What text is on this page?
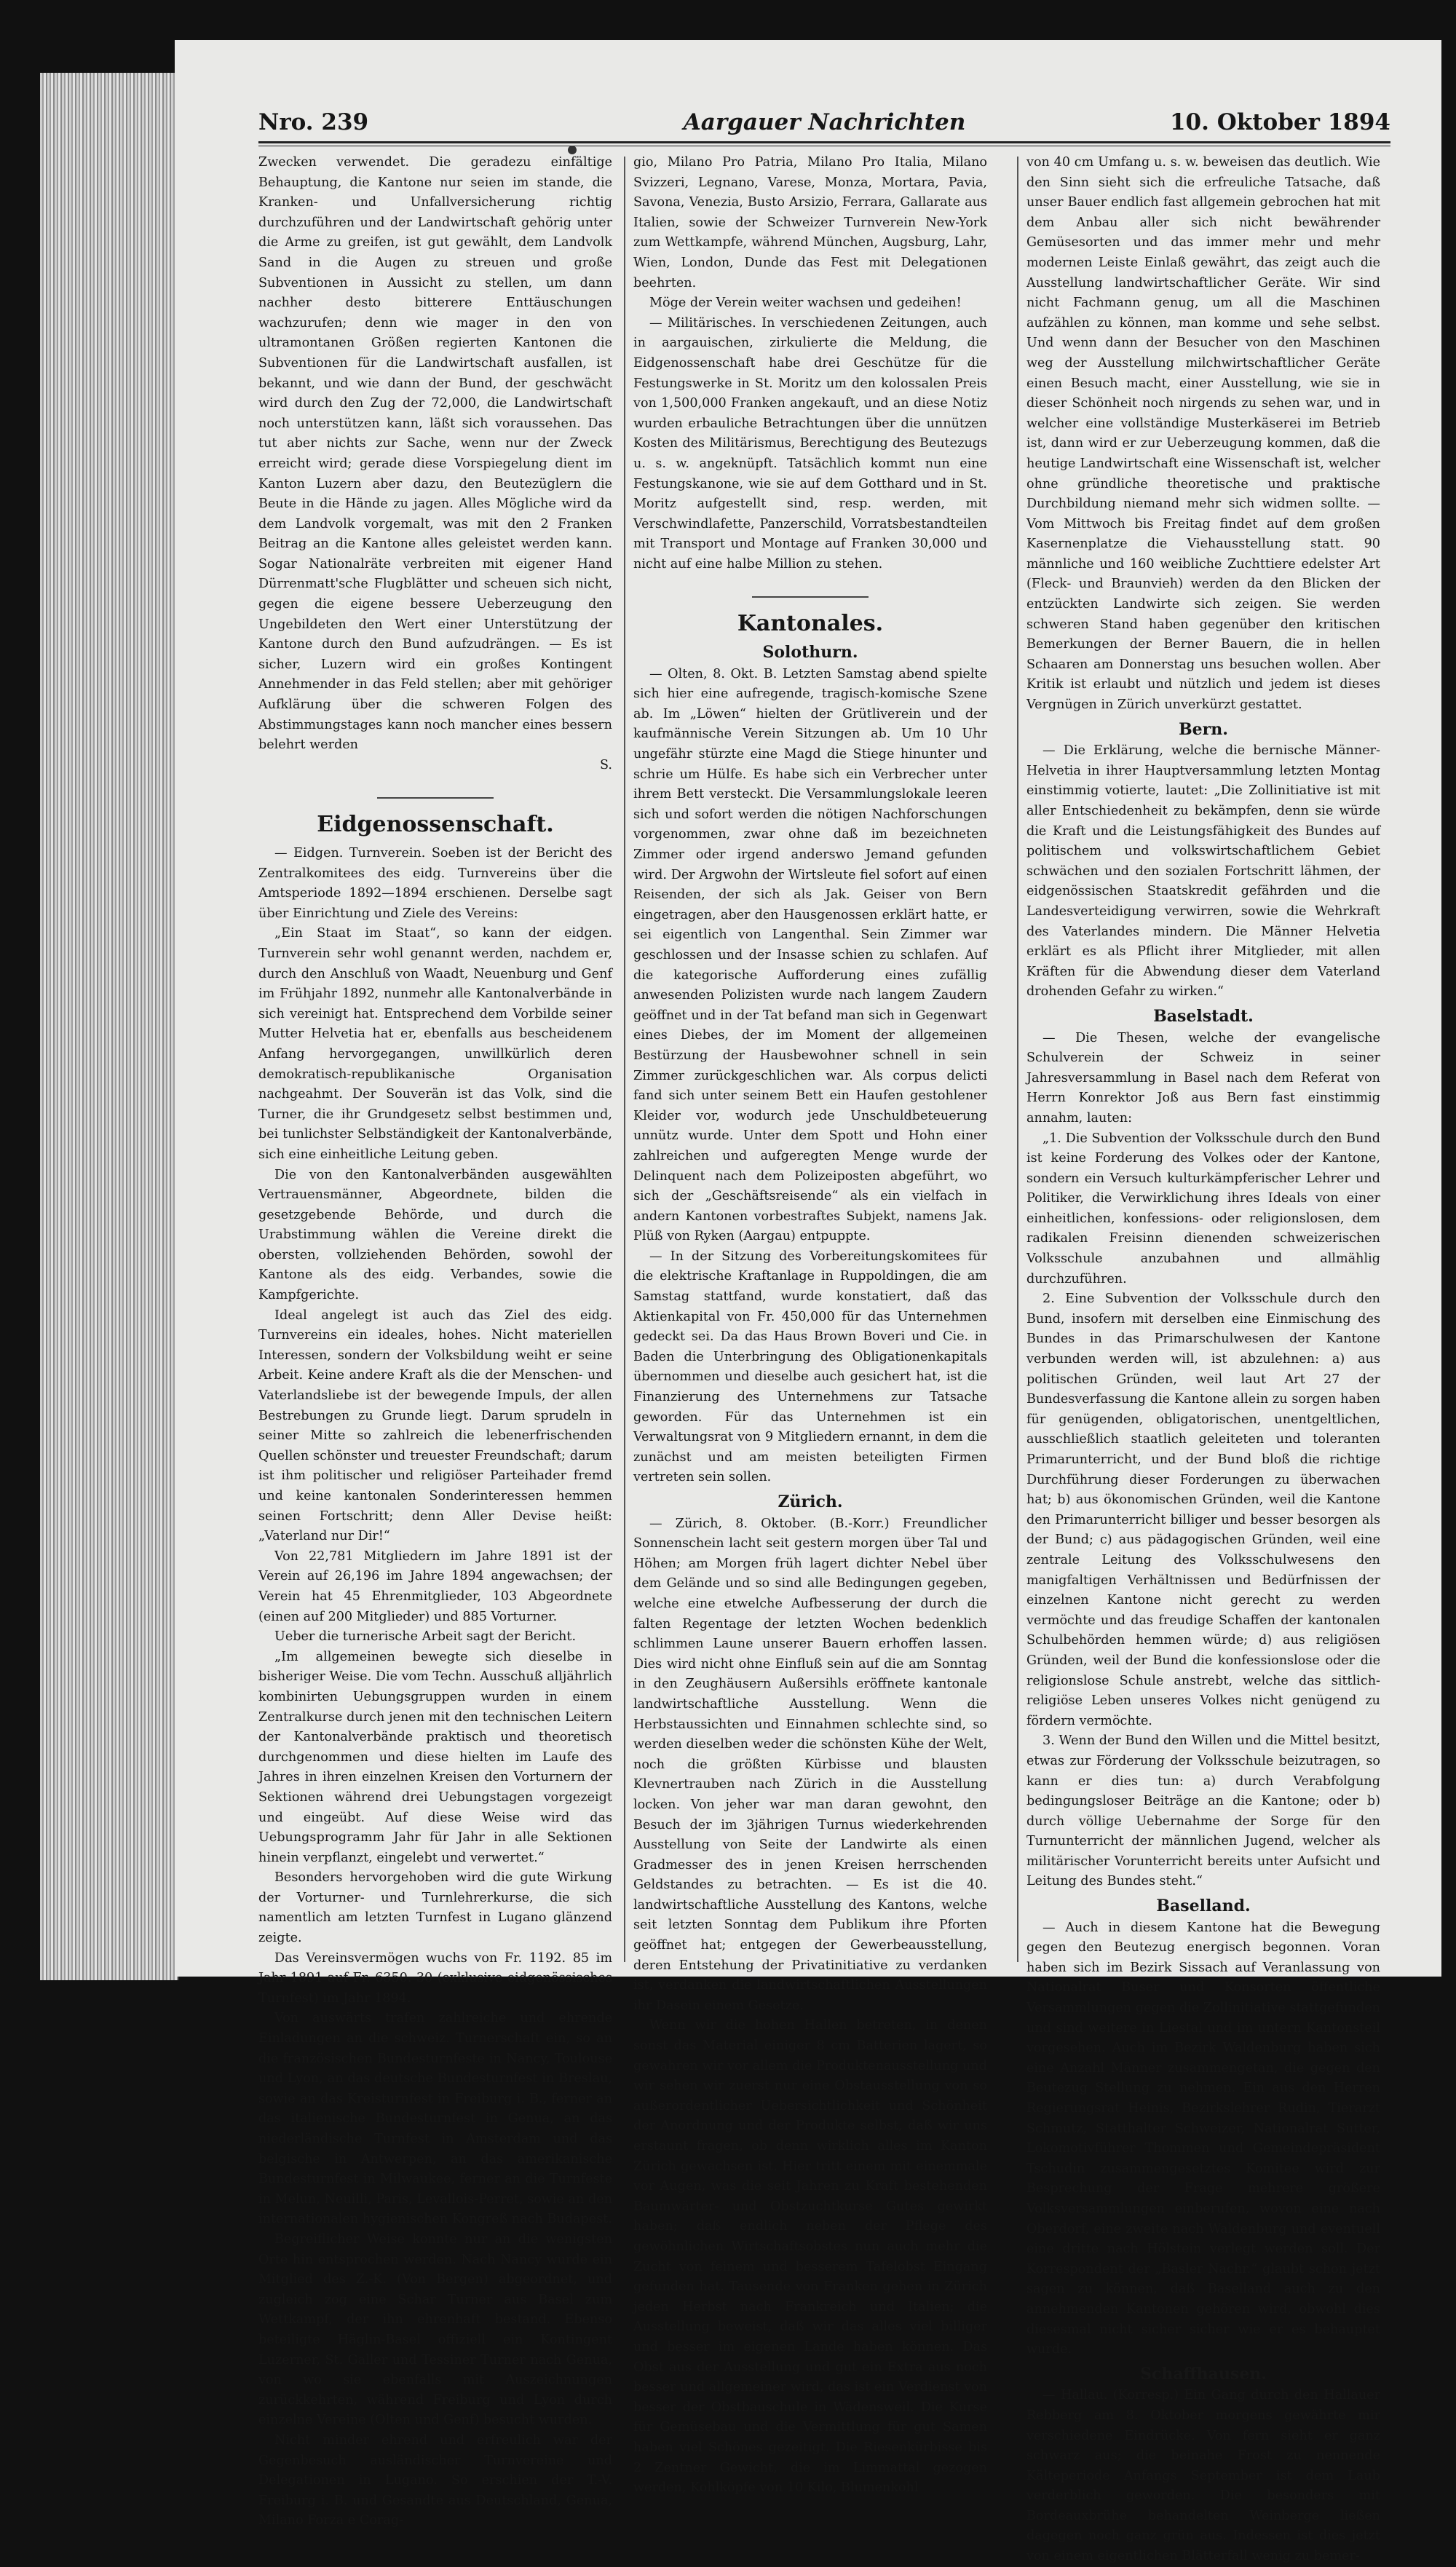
Aargauer Nachrichten
Nro. 239	10. Oktober 1894

Zwecken verwendet. Die geradezu einfältige Behauptung, die Kantone nur seien im stande, die Kranken- und Unfallversicherung richtig durchzuführen und der Landwirtschaft gehörig unter die Arme zu greifen, ist gut gewählt, dem Landvolk Sand in die Augen zu streuen und große Subventionen in Aussicht zu stellen, um dann nachher desto bitterere Enttäuschungen wachzurufen; denn wie mager in den von ultramontanen Größen regierten Kantonen die Subventionen für die Landwirtschaft ausfallen, ist bekannt, und wie dann der Bund, der geschwächt wird durch den Zug der 72,000, die Landwirtschaft noch unterstützen kann, läßt sich voraussehen. Das tut aber nichts zur Sache, wenn nur der Zweck erreicht wird; gerade diese Vorspiegelung dient im Kanton Luzern aber dazu, den Beutezüglern die Beute in die Hände zu jagen. Alles Mögliche wird da dem Landvolk vorgemalt, was mit den 2 Franken Beitrag an die Kantone alles geleistet werden kann. Sogar Nationalräte verbreiten mit eigener Hand Dürrenmatt'sche Flugblätter und scheuen sich nicht, gegen die eigene bessere Ueberzeugung den Ungebildeten den Wert einer Unterstützung der Kantone durch den Bund aufzudrängen. — Es ist sicher, Luzern wird ein großes Kontingent Annehmender in das Feld stellen; aber mit gehöriger Aufklärung über die schweren Folgen des Abstimmungstages kann noch mancher eines bessern belehrt werden

S.

Eidgenossenschaft.

— Eidgen. Turnverein. Soeben ist der Bericht des Zentralkomitees des eidg. Turnvereins über die Amtsperiode 1892—1894 erschienen. Derselbe sagt über Einrichtung und Ziele des Vereins:

„Ein Staat im Staat“, so kann der eidgen. Turnverein sehr wohl genannt werden, nachdem er, durch den Anschluß von Waadt, Neuenburg und Genf im Frühjahr 1892, nunmehr alle Kantonalverbände in sich vereinigt hat. Entsprechend dem Vorbilde seiner Mutter Helvetia hat er, ebenfalls aus bescheidenem Anfang hervorgegangen, unwillkürlich deren demokratisch-republikanische Organisation nachgeahmt. Der Souverän ist das Volk, sind die Turner, die ihr Grundgesetz selbst bestimmen und, bei tunlichster Selbständigkeit der Kantonalverbände, sich eine einheitliche Leitung geben.

Die von den Kantonalverbänden ausgewählten Vertrauensmänner, Abgeordnete, bilden die gesetzgebende Behörde, und durch die Urabstimmung wählen die Vereine direkt die obersten, vollziehenden Behörden, sowohl der Kantone als des eidg. Verbandes, sowie die Kampfgerichte.

Ideal angelegt ist auch das Ziel des eidg. Turnvereins ein ideales, hohes. Nicht materiellen Interessen, sondern der Volksbildung weiht er seine Arbeit. Keine andere Kraft als die der Menschen- und Vaterlandsliebe ist der bewegende Impuls, der allen Bestrebungen zu Grunde liegt. Darum sprudeln in seiner Mitte so zahlreich die lebenerfrischenden Quellen schönster und treuester Freundschaft; darum ist ihm politischer und religiöser Parteihader fremd und keine kantonalen Sonderinteressen hemmen seinen Fortschritt; denn Aller Devise heißt: „Vaterland nur Dir!“

Von 22,781 Mitgliedern im Jahre 1891 ist der Verein auf 26,196 im Jahre 1894 angewachsen; der Verein hat 45 Ehrenmitglieder, 103 Abgeordnete (einen auf 200 Mitglieder) und 885 Vorturner.

Ueber die turnerische Arbeit sagt der Bericht.

„Im allgemeinen bewegte sich dieselbe in bisheriger Weise. Die vom Techn. Ausschuß alljährlich kombinirten Uebungsgruppen wurden in einem Zentralkurse durch jenen mit den technischen Leitern der Kantonalverbände praktisch und theoretisch durchgenommen und diese hielten im Laufe des Jahres in ihren einzelnen Kreisen den Vorturnern der Sektionen während drei Uebungstagen vorgezeigt und eingeübt. Auf diese Weise wird das Uebungsprogramm Jahr für Jahr in alle Sektionen hinein verpflanzt, eingelebt und verwertet.“

Besonders hervorgehoben wird die gute Wirkung der Vorturner- und Turnlehrerkurse, die sich namentlich am letzten Turnfest in Lugano glänzend zeigte.

Das Vereinsvermögen wuchs von Fr. 1192. 85 im Jahr 1891 auf Fr. 6350. 30 (exklusive eidgenössisches Turnfest) im Jahr 1894.

Von auswärts trafen zahlreiche und ehrende Einladungen an die schweiz. Turnerschaft ein, so an die französischen Bundesturnfeste in Nancy, Toulouse und Lyon, an das deutsche Bundesturnfest in Breslau, sowie an das Kreisturnfest in Freiburg i. B., ferner an das italienische Bundesturnfest in Genua, an das niederländische Turnfest in Amsterdam und das belgische in Antwerpen, an das amerikanische Bundesturnfest in Milwaukee, ferner an die Turnfeste in Melun, Neuilli, Paris, Levallois-Perret, sowie an den internationalen hygienischen Kongreß nach Budapest.

Begreiflicher Weise konnte nur an die wenigsten Orte hin entsprochen werden. Nach Nancy wurde ein Mitglied des Z.-K. (Von Bergen) abgeordnet, und zugleich zog eine Schar Turner aus Basel zum Wettkampf, der ihn ehrenhaft bestand. Ebenso beteiligte Häglin-Basel offiziell ein Kontingent Luzerner, St. Galler und Tessiner Turner nach Genua, von wo sie ebenfalls mit Auszeichnungen zurückkehrten, während Freiburg und Lyon durch einzelne Vereine (Olten und Genf) besucht wurden.

Nicht minder ehrend und erfreulich war der Gegenbesuch ausländischer Turnvereine und Delegationen in Lugano. So erschien der T.-V. Freiburg i. B. und Gesandte aus Deutschland, Genua, Milano Forza e Corag-

gio, Milano Pro Patria, Milano Pro Italia, Milano Svizzeri, Legnano, Varese, Monza, Mortara, Pavia, Savona, Venezia, Busto Arsizio, Ferrara, Gallarate aus Italien, sowie der Schweizer Turnverein New-York zum Wettkampfe, während München, Augsburg, Lahr, Wien, London, Dunde das Fest mit Delegationen beehrten.

Möge der Verein weiter wachsen und gedeihen!

— Militärisches. In verschiedenen Zeitungen, auch in aargauischen, zirkulierte die Meldung, die Eidgenossenschaft habe drei Geschütze für die Festungswerke in St. Moritz um den kolossalen Preis von 1,500,000 Franken angekauft, und an diese Notiz wurden erbauliche Betrachtungen über die unnützen Kosten des Militärismus, Berechtigung des Beutezugs u. s. w. angeknüpft. Tatsächlich kommt nun eine Festungskanone, wie sie auf dem Gotthard und in St. Moritz aufgestellt sind, resp. werden, mit Verschwindlafette, Panzerschild, Vorratsbestandteilen mit Transport und Montage auf Franken 30,000 und nicht auf eine halbe Million zu stehen.

Kantonales.
Solothurn.

— Olten, 8. Okt. B. Letzten Samstag abend spielte sich hier eine aufregende, tragisch-komische Szene ab. Im „Löwen“ hielten der Grütliverein und der kaufmännische Verein Sitzungen ab. Um 10 Uhr ungefähr stürzte eine Magd die Stiege hinunter und schrie um Hülfe. Es habe sich ein Verbrecher unter ihrem Bett versteckt. Die Versammlungslokale leeren sich und sofort werden die nötigen Nachforschungen vorgenommen, zwar ohne daß im bezeichneten Zimmer oder irgend anderswo Jemand gefunden wird. Der Argwohn der Wirtsleute fiel sofort auf einen Reisenden, der sich als Jak. Geiser von Bern eingetragen, aber den Hausgenossen erklärt hatte, er sei eigentlich von Langenthal. Sein Zimmer war geschlossen und der Insasse schien zu schlafen. Auf die kategorische Aufforderung eines zufällig anwesenden Polizisten wurde nach langem Zaudern geöffnet und in der Tat befand man sich in Gegenwart eines Diebes, der im Moment der allgemeinen Bestürzung der Hausbewohner schnell in sein Zimmer zurückgeschlichen war. Als corpus delicti fand sich unter seinem Bett ein Haufen gestohlener Kleider vor, wodurch jede Unschuldbeteuerung unnütz wurde. Unter dem Spott und Hohn einer zahlreichen und aufgeregten Menge wurde der Delinquent nach dem Polizeiposten abgeführt, wo sich der „Geschäftsreisende“ als ein vielfach in andern Kantonen vorbestraftes Subjekt, namens Jak. Plüß von Ryken (Aargau) entpuppte.

— In der Sitzung des Vorbereitungskomitees für die elektrische Kraftanlage in Ruppoldingen, die am Samstag stattfand, wurde konstatiert, daß das Aktienkapital von Fr. 450,000 für das Unternehmen gedeckt sei. Da das Haus Brown Boveri und Cie. in Baden die Unterbringung des Obligationenkapitals übernommen und dieselbe auch gesichert hat, ist die Finanzierung des Unternehmens zur Tatsache geworden. Für das Unternehmen ist ein Verwaltungsrat von 9 Mitgliedern ernannt, in dem die zunächst und am meisten beteiligten Firmen vertreten sein sollen.

Zürich.

— Zürich, 8. Oktober. (B.-Korr.) Freundlicher Sonnenschein lacht seit gestern morgen über Tal und Höhen; am Morgen früh lagert dichter Nebel über dem Gelände und so sind alle Bedingungen gegeben, welche eine etwelche Aufbesserung der durch die falten Regentage der letzten Wochen bedenklich schlimmen Laune unserer Bauern erhoffen lassen. Dies wird nicht ohne Einfluß sein auf die am Sonntag in den Zeughäusern Außersihls eröffnete kantonale landwirtschaftliche Ausstellung. Wenn die Herbstaussichten und Einnahmen schlechte sind, so werden dieselben weder die schönsten Kühe der Welt, noch die größten Kürbisse und blausten Klevnertrauben nach Zürich in die Ausstellung locken. Von jeher war man daran gewohnt, den Besuch der im 3jährigen Turnus wiederkehrenden Ausstellung von Seite der Landwirte als einen Gradmesser des in jenen Kreisen herrschenden Geldstandes zu betrachten. — Es ist die 40. landwirtschaftliche Ausstellung des Kantons, welche seit letzten Sonntag dem Publikum ihre Pforten geöffnet hat; entgegen der Gewerbeausstellung, deren Entstehung der Privatinitiative zu verdanken ist, verdanken die landwirtschaftlichen Ausstellungen ihr Dasein einem Gesetze.

Wenn wir die hohen Hallen betreten, in denen sonst das Material einiger 8 cm Batterien lagert, so gewahren wir vor allem die Produktenausstellung und wir sehen wir zuerst nur eine Obstausstellung von so außerordentlicher Uebersichtlichkeit und Schönheit der Anordnung und der Produkte selbst, daß wir uns erstaunt fragen, ob denn wirklich alles im Kanton Zürich gewachsen ist. Hier tritt einem mit einemmale vor Augen, was die seit Jahren zu Kraft bestehenden Baumwärter- und Obstzuchtkurse Gutes gewirkt haben; daß endlich neben der Pflege des gewöhnlichen Wirtschaftsobstes nun auch mehr die Zucht von feinem und besserem Tafelobst Eingang gefunden hat. Tausende von Franken gehen in Zürich jeden Herbst nach Frankreich und Italien; die Ausstellung beweist, daß wir das alles viel billiger und besser im eigenen Lande haben können. Das Obst aus der Ausstellung und gut ein Extra aus noch besser und allgemeiner wird, das ist ein Verdienst von besser der Obstbauschule in Wädensweil. Die Kurse für Gemüsebau und die Vermittlung für gut Samen haben viel Schönes gezeitigt. Die Riesenkürbisse bis 2 Zentner Gewicht, die im Limmattal gezogen werden, Kohlköpfe von 10 Kilo, Blumenkohl

von 40 cm Umfang u. s. w. beweisen das deutlich. Wie den Sinn sieht sich die erfreuliche Tatsache, daß unser Bauer endlich fast allgemein gebrochen hat mit dem Anbau aller sich nicht bewährender Gemüsesorten und das immer mehr und mehr modernen Leiste Einlaß gewährt, das zeigt auch die Ausstellung landwirtschaftlicher Geräte. Wir sind nicht Fachmann genug, um all die Maschinen aufzählen zu können, man komme und sehe selbst. Und wenn dann der Besucher von den Maschinen weg der Ausstellung milchwirtschaftlicher Geräte einen Besuch macht, einer Ausstellung, wie sie in dieser Schönheit noch nirgends zu sehen war, und in welcher eine vollständige Musterkäserei im Betrieb ist, dann wird er zur Ueberzeugung kommen, daß die heutige Landwirtschaft eine Wissenschaft ist, welcher ohne gründliche theoretische und praktische Durchbildung niemand mehr sich widmen sollte. — Vom Mittwoch bis Freitag findet auf dem großen Kasernenplatze die Viehausstellung statt. 90 männliche und 160 weibliche Zuchttiere edelster Art (Fleck- und Braunvieh) werden da den Blicken der entzückten Landwirte sich zeigen. Sie werden schweren Stand haben gegenüber den kritischen Bemerkungen der Berner Bauern, die in hellen Schaaren am Donnerstag uns besuchen wollen. Aber Kritik ist erlaubt und nützlich und jedem ist dieses Vergnügen in Zürich unverkürzt gestattet.

Bern.

— Die Erklärung, welche die bernische Männer-Helvetia in ihrer Hauptversammlung letzten Montag einstimmig votierte, lautet: „Die Zollinitiative ist mit aller Entschiedenheit zu bekämpfen, denn sie würde die Kraft und die Leistungsfähigkeit des Bundes auf politischem und volkswirtschaftlichem Gebiet schwächen und den sozialen Fortschritt lähmen, der eidgenössischen Staatskredit gefährden und die Landesverteidigung verwirren, sowie die Wehrkraft des Vaterlandes mindern. Die Männer Helvetia erklärt es als Pflicht ihrer Mitglieder, mit allen Kräften für die Abwendung dieser dem Vaterland drohenden Gefahr zu wirken.“

Baselstadt.

— Die Thesen, welche der evangelische Schulverein der Schweiz in seiner Jahresversammlung in Basel nach dem Referat von Herrn Konrektor Joß aus Bern fast einstimmig annahm, lauten:

„1. Die Subvention der Volksschule durch den Bund ist keine Forderung des Volkes oder der Kantone, sondern ein Versuch kulturkämpferischer Lehrer und Politiker, die Verwirklichung ihres Ideals von einer einheitlichen, konfessions- oder religionslosen, dem radikalen Freisinn dienenden schweizerischen Volksschule anzubahnen und allmählig durchzuführen.

2. Eine Subvention der Volksschule durch den Bund, insofern mit derselben eine Einmischung des Bundes in das Primarschulwesen der Kantone verbunden werden will, ist abzulehnen: a) aus politischen Gründen, weil laut Art 27 der Bundesverfassung die Kantone allein zu sorgen haben für genügenden, obligatorischen, unentgeltlichen, ausschließlich staatlich geleiteten und toleranten Primarunterricht, und der Bund bloß die richtige Durchführung dieser Forderungen zu überwachen hat; b) aus ökonomischen Gründen, weil die Kantone den Primarunterricht billiger und besser besorgen als der Bund; c) aus pädagogischen Gründen, weil eine zentrale Leitung des Volksschulwesens den manigfaltigen Verhältnissen und Bedürfnissen der einzelnen Kantone nicht gerecht zu werden vermöchte und das freudige Schaffen der kantonalen Schulbehörden hemmen würde; d) aus religiösen Gründen, weil der Bund die konfessionslose oder die religionslose Schule anstrebt, welche das sittlich-religiöse Leben unseres Volkes nicht genügend zu fördern vermöchte.

3. Wenn der Bund den Willen und die Mittel besitzt, etwas zur Förderung der Volksschule beizutragen, so kann er dies tun: a) durch Verabfolgung bedingungsloser Beiträge an die Kantone; oder b) durch völlige Uebernahme der Sorge für den Turnunterricht der männlichen Jugend, welcher als militärischer Vorunterricht bereits unter Aufsicht und Leitung des Bundes steht.“

Baselland.

— Auch in diesem Kantone hat die Bewegung gegen den Beutezug energisch begonnen. Voran haben sich im Bezirk Sissach auf Veranlassung von Nationalrat Buser und Konsorten öffentliche Versammlungen gegen die Zollinitiative stattgefunden und sind weitere in Liestal und im untern Kantonsteil vorgesehen. Auch im Bezirk Waldenburg haben sich eine Anzahl Männer zusammengetan, die gegen den Beutezug Stellung zu nehmen. Ein aus den Herren Regierungsrat Heinis, Bezirkslehrer Rudin, Tierarzt Schmutz, Statthalter Schweizer, Nationalrat Sutter, Lokomotivführer Thommen und Gemeindepräsident Tschudin zusammengesetztes Komitee wird zur Besprechung der Frage mehrere größere Volksversammlungen einberufen, wovon eine nach Oberdorf, eine zweite nach Waldenburg und eventuell eine dritte nach Hölstein verlegt werden soll. Der Korrespondent der „Basler Nachr.“ glaubt schon jetzt sagen zu können, daß Baselland auch zu den annehmenden Kantonen gehören wird, obwohl dies diesesmal nicht sicher sicher wie er es behauptet wurde.

Schaffhausen.

— Hallau. (Korresp.) Ein Gang durch den Hallauer Rebberg am 8. Oktober morgens gewährte mir verschiedene Eindrücke. Von fern sieht er ganz schwarz aus; die beinahe Frost zu nennende Kälteperiode Anfangs September ist dem Laub verderblich geworden. Die besonders mit Bordeauxbrühe behandelten Weinberge ließen dagegen noch ganz grün aus. Indessen ist dies jetzt von einem eigentlichen Blätterfall wenig zu bemer-
